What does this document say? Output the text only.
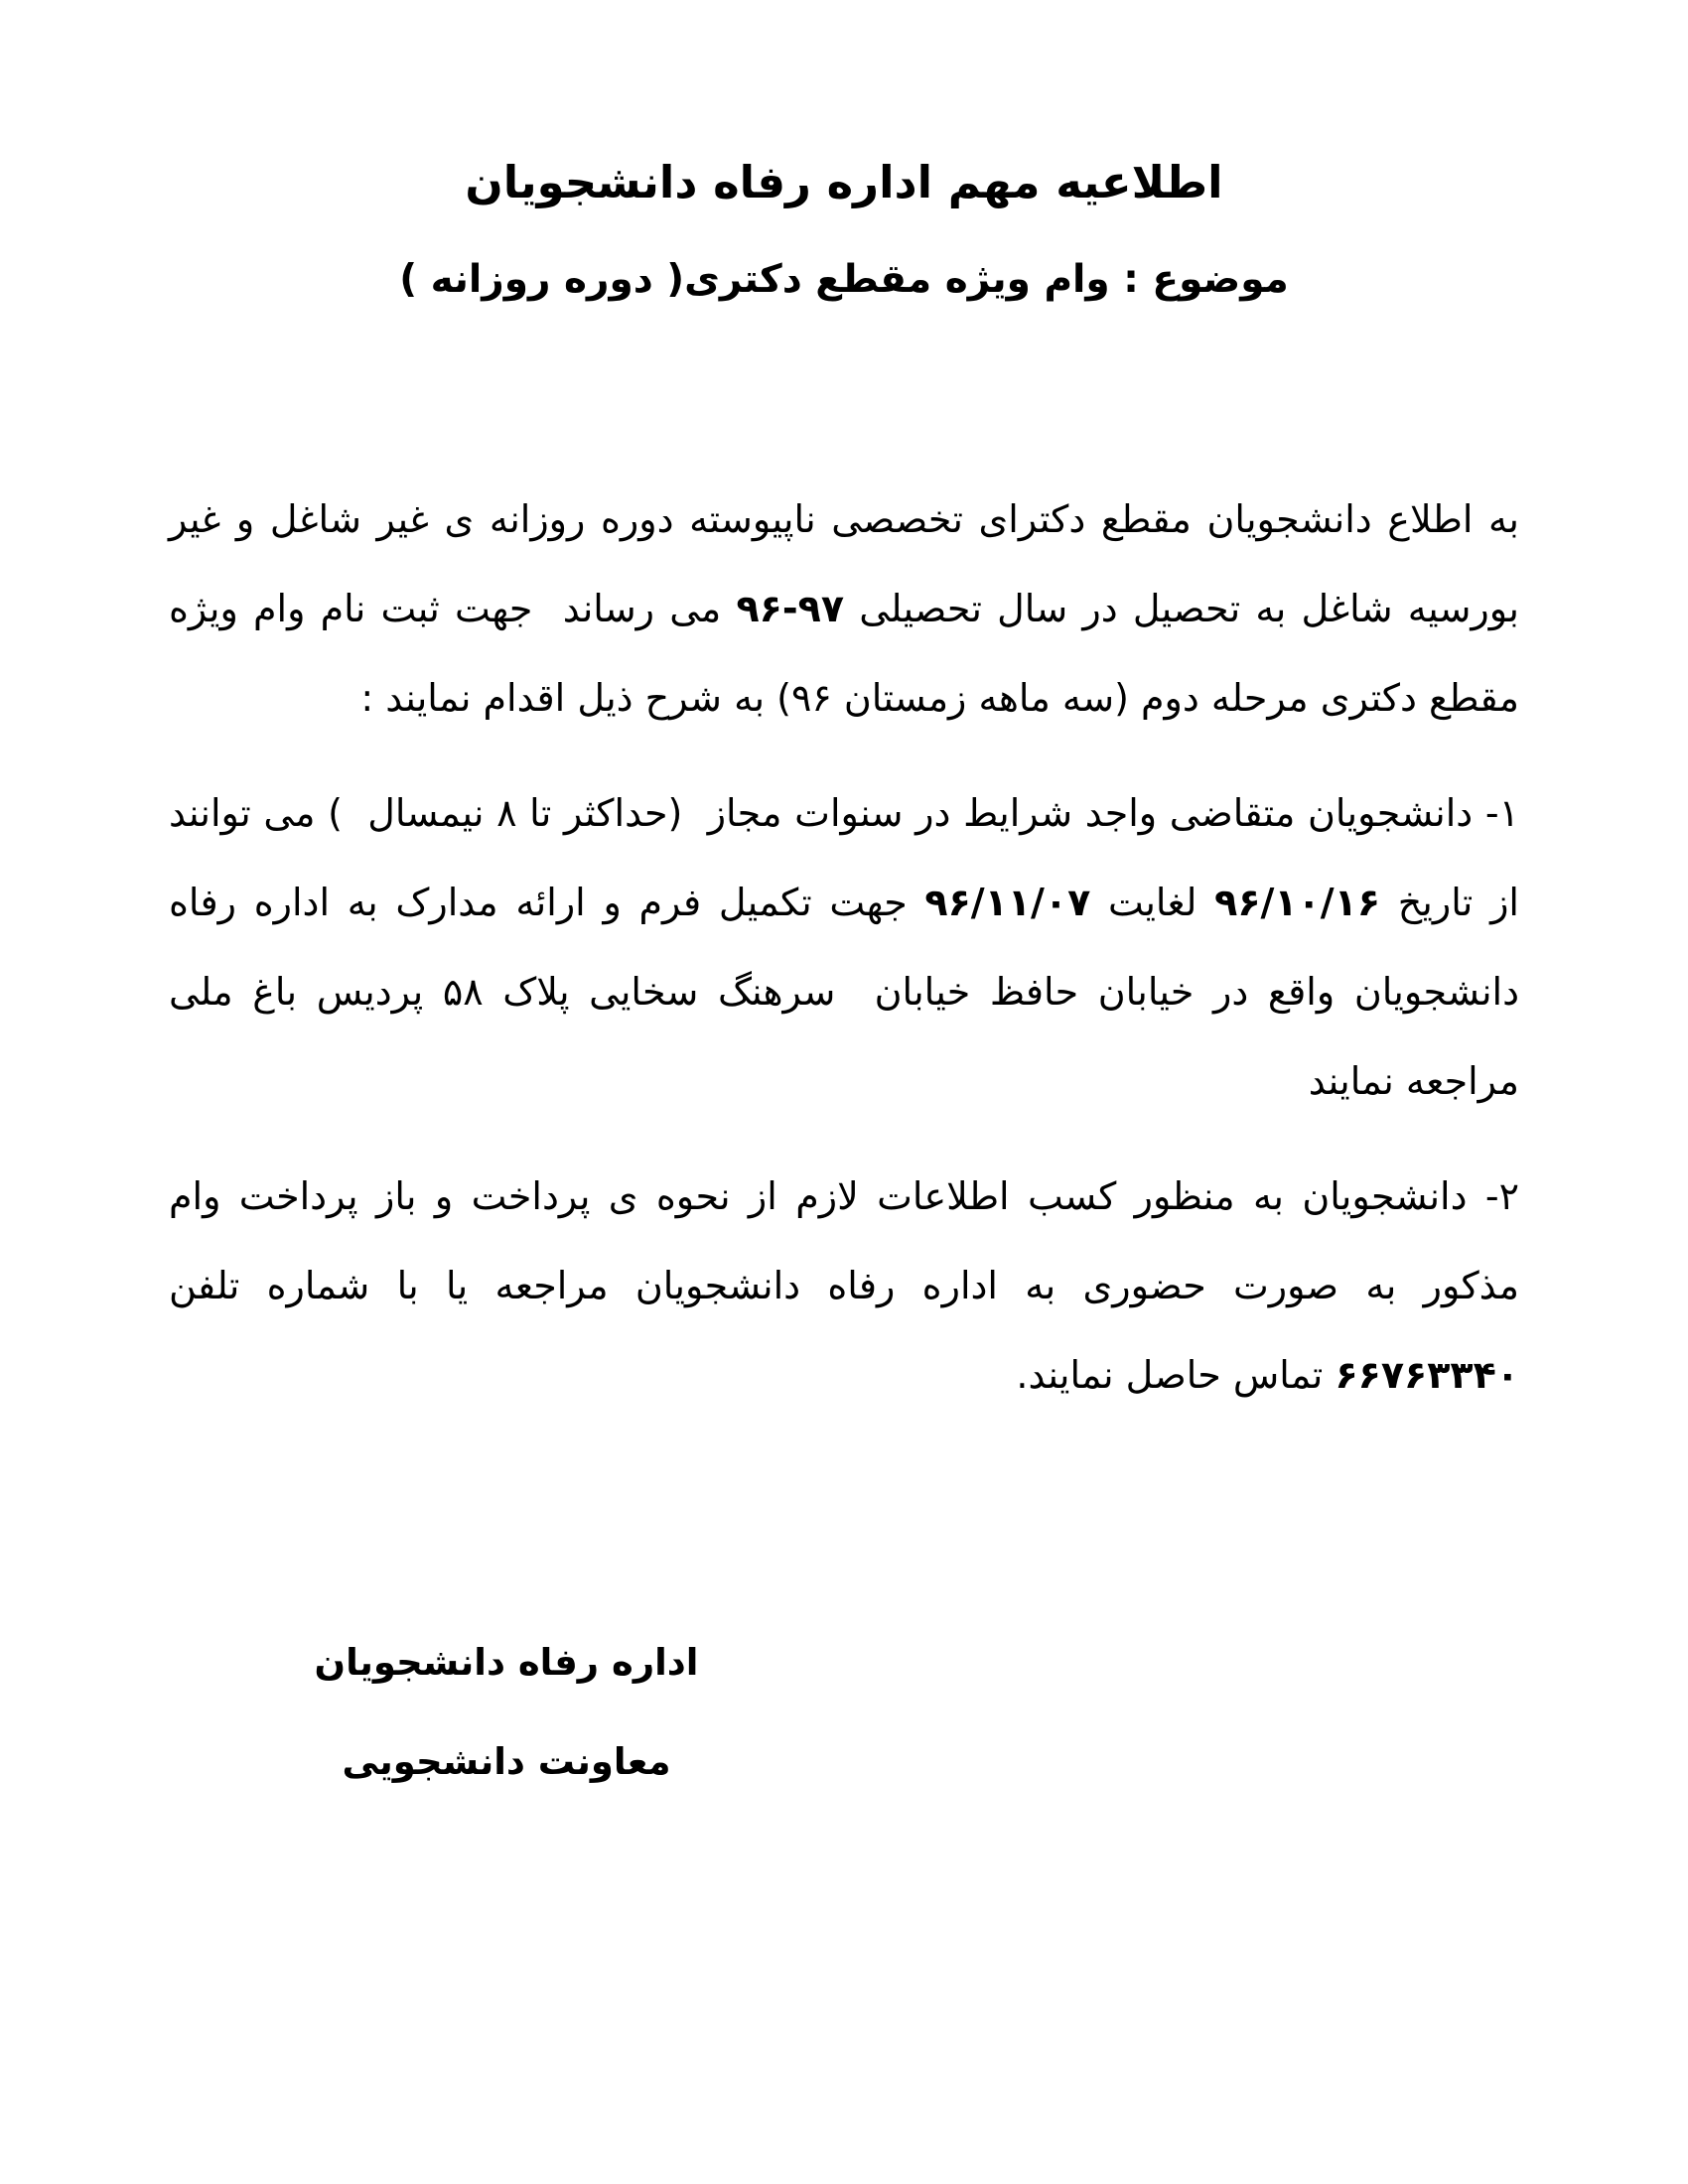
اطلاعیه مهم اداره رفاه دانشجویان
موضوع : وام ویژه مقطع دکتری( دوره روزانه )

به اطلاع دانشجویان مقطع دکترای تخصصی ناپیوسته دوره روزانه ی غیر شاغل و غیر بورسیه شاغل به تحصیل در سال تحصیلی ۹۷-۹۶ می رساند  جهت ثبت نام وام ویژه مقطع دکتری مرحله دوم (سه ماهه زمستان ۹۶) به شرح ذیل اقدام نمایند :

۱- دانشجویان متقاضی واجد شرایط در سنوات مجاز  (حداکثر تا ۸ نیمسال  ) می توانند از تاریخ ۹۶/۱۰/۱۶ لغایت ۹۶/۱۱/۰۷ جهت تکمیل فرم و ارائه مدارک به اداره رفاه دانشجویان واقع در خیابان حافظ خیابان  سرهنگ سخایی پلاک ۵۸ پردیس باغ ملی مراجعه نمایند

۲- دانشجویان به منظور کسب اطلاعات لازم از نحوه ی پرداخت و باز پرداخت وام مذکور به صورت حضوری به اداره رفاه دانشجویان مراجعه یا با شماره تلفن ۶۶۷۶۳۳۴۰ تماس حاصل نمایند.

اداره رفاه دانشجویان
معاونت دانشجویی
